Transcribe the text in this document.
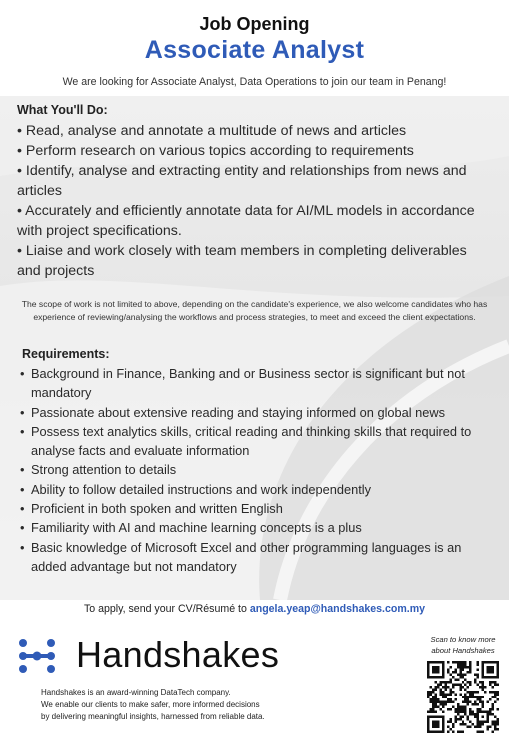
Job Opening
Associate Analyst
We are looking for Associate Analyst, Data Operations to join our team in Penang!
What You'll Do:
• Read, analyse and annotate a multitude of news and articles
• Perform research on various topics according to requirements
• Identify, analyse and extracting entity and relationships from news and articles
• Accurately and efficiently annotate data for AI/ML models in accordance with project specifications.
• Liaise and work closely with team members in completing deliverables and projects
The scope of work is not limited to above, depending on the candidate's experience, we also welcome candidates who has experience of reviewing/analysing the workflows and process strategies, to meet and exceed the client expectations.
Requirements:
• Background in Finance, Banking and or Business sector is significant but not mandatory
• Passionate about extensive reading and staying informed on global news
• Possess text analytics skills, critical reading and thinking skills that required to analyse facts and evaluate information
• Strong attention to details
• Ability to follow detailed instructions and work independently
• Proficient in both spoken and written English
• Familiarity with AI and machine learning concepts is a plus
• Basic knowledge of Microsoft Excel and other programming languages is an added advantage but not mandatory
To apply, send your CV/Résumé to angela.yeap@handshakes.com.my
Handshakes
Handshakes is an award-winning DataTech company.
We enable our clients to make safer, more informed decisions
by delivering meaningful insights, harnessed from reliable data.
Scan to know more
about Handshakes
